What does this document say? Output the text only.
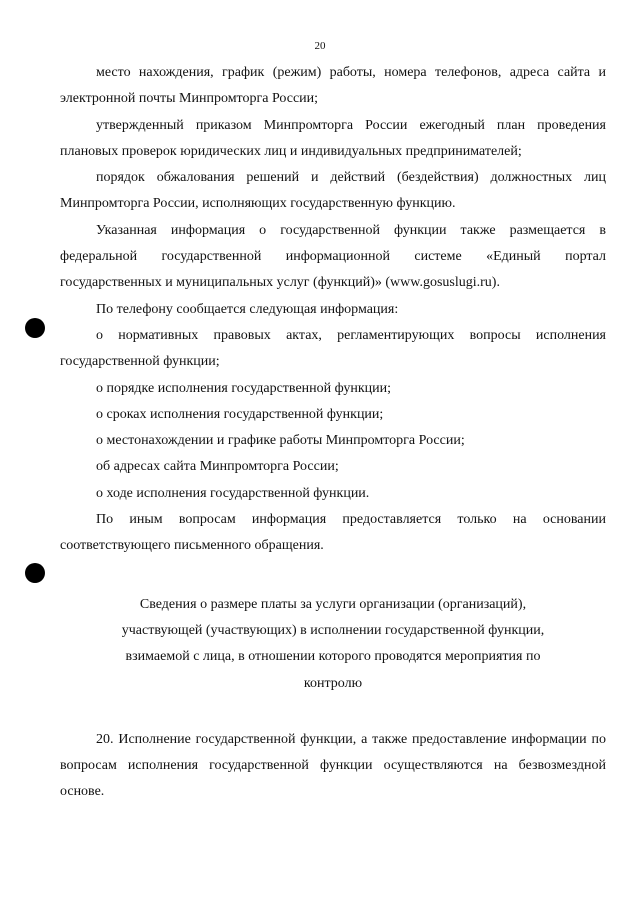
20

место нахождения, график (режим) работы, номера телефонов, адреса сайта и электронной почты Минпромторга России;

утвержденный приказом Минпромторга России ежегодный план проведения плановых проверок юридических лиц и индивидуальных предпринимателей;

порядок обжалования решений и действий (бездействия) должностных лиц Минпромторга России, исполняющих государственную функцию.

Указанная информация о государственной функции также размещается в федеральной государственной информационной системе «Единый портал государственных и муниципальных услуг (функций)» (www.gosuslugi.ru).

По телефону сообщается следующая информация:

о нормативных правовых актах, регламентирующих вопросы исполнения государственной функции;

о порядке исполнения государственной функции;

о сроках исполнения государственной функции;

о местонахождении и графике работы Минпромторга России;

об адресах сайта Минпромторга России;

о ходе исполнения государственной функции.

По иным вопросам информация предоставляется только на основании соответствующего письменного обращения.

Сведения о размере платы за услуги организации (организаций), участвующей (участвующих) в исполнении государственной функции, взимаемой с лица, в отношении которого проводятся мероприятия по контролю

20. Исполнение государственной функции, а также предоставление информации по вопросам исполнения государственной функции осуществляются на безвозмездной основе.
